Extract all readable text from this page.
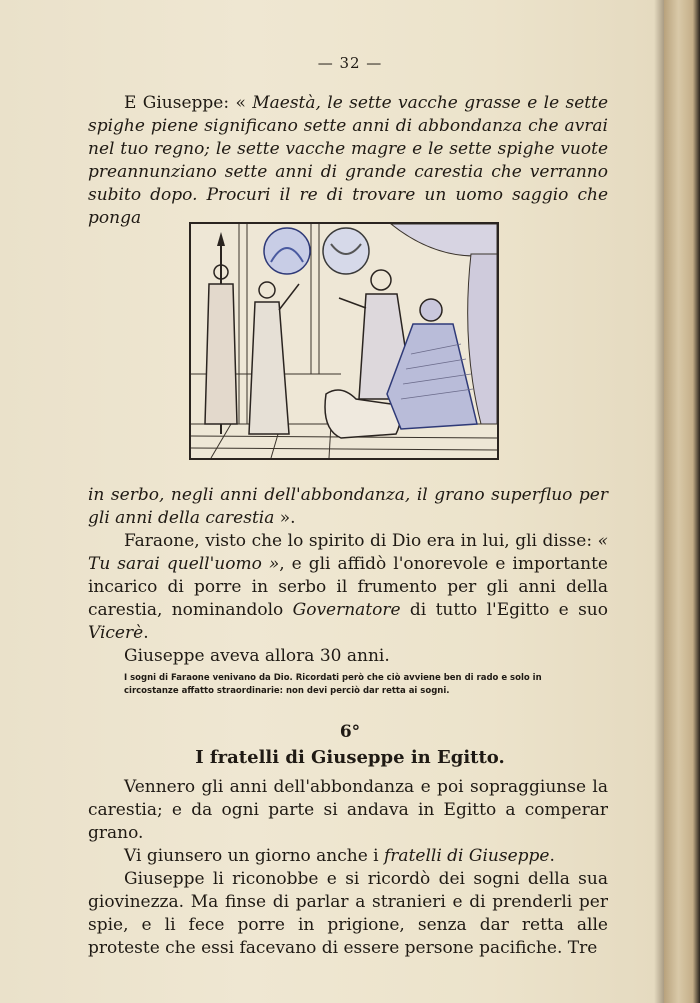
— 32 —

E Giuseppe: « Maestà, le sette vacche grasse e le sette spighe piene significano sette anni di abbondanza che avrai nel tuo regno; le sette vacche magre e le sette spighe vuote preannunziano sette anni di grande carestia che verranno subito dopo. Procuri il re di trovare un uomo saggio che ponga

in serbo, negli anni dell'abbondanza, il grano superfluo per gli anni della carestia ».

Faraone, visto che lo spirito di Dio era in lui, gli disse: « Tu sarai quell'uomo », e gli affidò l'onorevole e importante incarico di porre in serbo il frumento per gli anni della carestia, nominandolo Governatore di tutto l'Egitto e suo Vicerè.

Giuseppe aveva allora 30 anni.

I sogni di Faraone venivano da Dio. Ricordati però che ciò avviene ben di rado e solo in circostanze affatto straordinarie: non devi perciò dar retta ai sogni.

6°
I fratelli di Giuseppe in Egitto.

Vennero gli anni dell'abbondanza e poi sopraggiunse la carestia; e da ogni parte si andava in Egitto a comperar grano.

Vi giunsero un giorno anche i fratelli di Giuseppe.

Giuseppe li riconobbe e si ricordò dei sogni della sua giovinezza. Ma finse di parlar a stranieri e di prenderli per spie, e li fece porre in prigione, senza dar retta alle proteste che essi facevano di essere persone pacifiche. Tre
